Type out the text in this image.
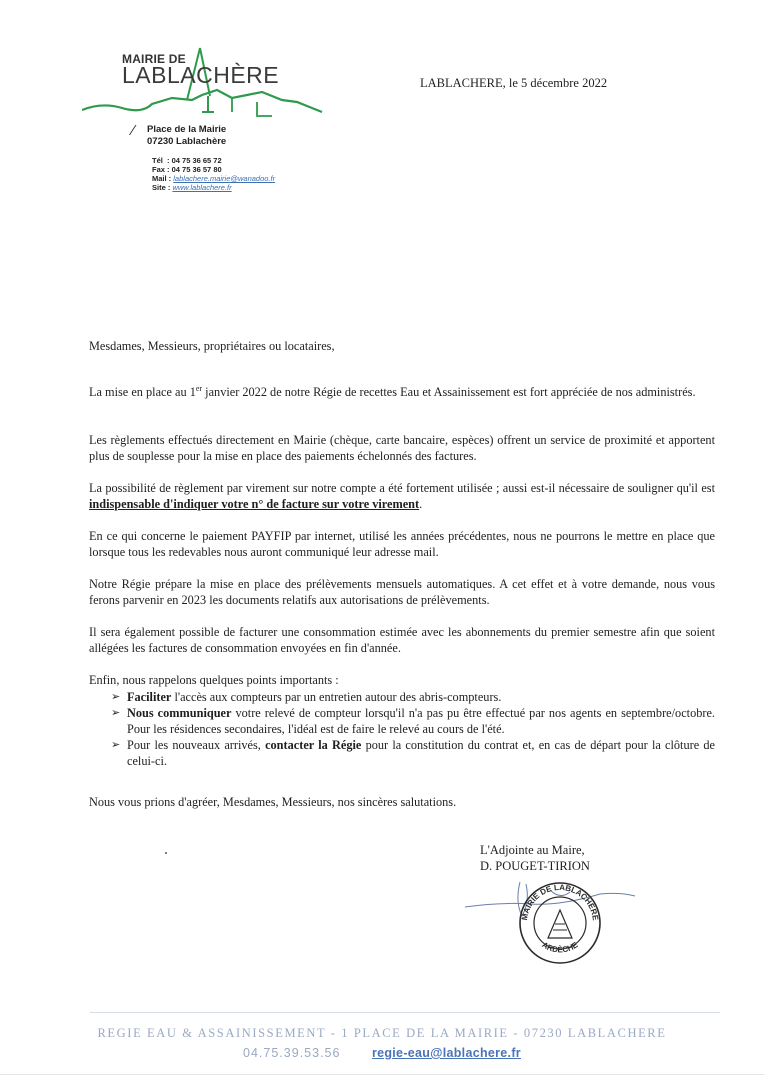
MAIRIE DE
LABLACHÈRE
⁄	Place de la Mairie
07230 Lablachère
Tél : 04 75 36 65 72
Fax : 04 75 36 57 80
Mail : lablachere.mairie@wanadoo.fr
Site : www.lablachere.fr
LABLACHERE, le 5 décembre 2022

Mesdames, Messieurs, propriétaires ou locataires,

La mise en place au 1er janvier 2022 de notre Régie de recettes Eau et Assainissement est fort appréciée de nos administrés.

Les règlements effectués directement en Mairie (chèque, carte bancaire, espèces) offrent un service de proximité et apportent plus de souplesse pour la mise en place des paiements échelonnés des factures.

La possibilité de règlement par virement sur notre compte a été fortement utilisée ; aussi est-il nécessaire de souligner qu'il est indispensable d'indiquer votre n° de facture sur votre virement.

En ce qui concerne le paiement PAYFIP par internet, utilisé les années précédentes, nous ne pourrons le mettre en place que lorsque tous les redevables nous auront communiqué leur adresse mail.

Notre Régie prépare la mise en place des prélèvements mensuels automatiques. A cet effet et à votre demande, nous vous ferons parvenir en 2023 les documents relatifs aux autorisations de prélèvements.

Il sera également possible de facturer une consommation estimée avec les abonnements du premier semestre afin que soient allégées les factures de consommation envoyées en fin d'année.

Enfin, nous rappelons quelques points importants :

➢ Faciliter l'accès aux compteurs par un entretien autour des abris-compteurs.
➢ Nous communiquer votre relevé de compteur lorsqu'il n'a pas pu être effectué par nos agents en septembre/octobre. Pour les résidences secondaires, l'idéal est de faire le relevé au cours de l'été.
➢ Pour les nouveaux arrivés, contacter la Régie pour la constitution du contrat et, en cas de départ pour la clôture de celui-ci.

Nous vous prions d'agréer, Mesdames, Messieurs, nos sincères salutations.

L'Adjointe au Maire,
D. POUGET-TIRION
MAIRIE DE LABLACHÈRE
ARDÈCHE
REGIE EAU & ASSAINISSEMENT - 1 PLACE DE LA MAIRIE - 07230 LABLACHERE
04.75.39.53.56	regie-eau@lablachere.fr
